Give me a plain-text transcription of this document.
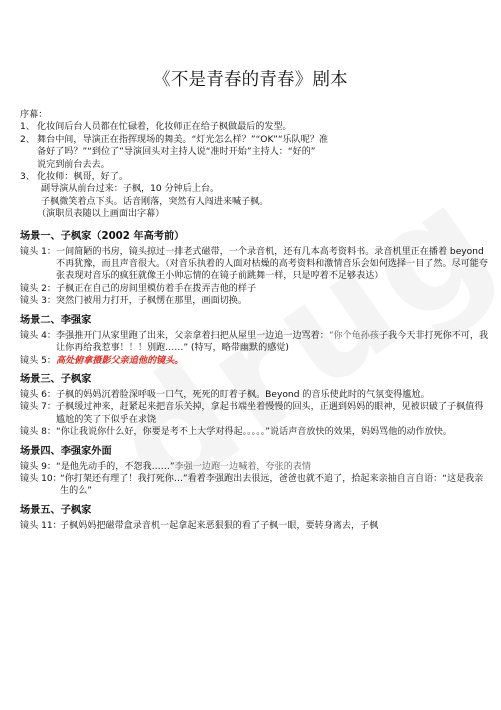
《不是青春的青春》剧本
序幕：
1、 化妆间后台人员都在忙碌着，化妆师正在给子枫做最后的发型。
2、 舞台中间，导演正在指挥现场的舞美。“灯光怎么样？”“OK”“乐队呢？准
备好了吗？”“到位了”导演回头对主持人说“准时开始”主持人：“好的”
说完到前台去去。
3、 化妆师：枫哥，好了。
副导演从前台过来：子枫，10 分钟后上台。
子枫微笑着点下头。话音刚落，突然有人闯进来喊子枫。
（演职员表随以上画面出字幕）
场景一、子枫家（2002 年高考前）
镜头 1： 一间简陋的书房，镜头掠过一排老式磁带，一个录音机，还有几本高考资料书。录音机里正在播着 beyond 不再犹豫，而且声音很大。（对音乐执着的人面对枯燥的高考资料和激情音乐会如何选择一目了然。尽可能夸张表现对音乐的疯狂就像王小帅忘情的在镜子前跳舞一样，只是哼着不足够表达）
镜头 2： 子枫正在自己的房间里模仿着手在拨弄吉他的样子
镜头 3： 突然门被用力打开，子枫愣在那里，画面切换。
场景二、李强家
镜头 4： 李强推开门从家里跑了出来，父亲拿着扫把从屋里一边追一边骂着：“你个龟孙孩子我今天非打死你不可，我让你再给我惹事！！！别跑……” (特写，略带幽默的感觉)
镜头 5： 高处俯拿摄影父亲追他的镜头。
场景三、子枫家
镜头 6： 子枫的妈妈沉着脸深呼吸一口气，死死的盯着子枫。Beyond 的音乐使此时的气氛变得尴尬。
镜头 7： 子枫缓过神来，赶紧起来把音乐关掉，拿起书端坐着慢慢的回头，正遇到妈妈的眼神，见被识破了子枫值得尴尬的笑了下似乎在求饶
镜头 8： “你让我说你什么好，你要是考不上大学对得起。。。。。”说话声音放快的效果，妈妈骂他的动作放快。
场景四、李强家外面
镜头 9： “是他先动手的，不怨我……”李强一边跑一边喊着，夸张的表情
镜头 10：
“你打架还有理了！我打死你…”看着李强跑出去很远，爸爸也就不追了，拾起来亲抽自言自语：“这是我亲生的么”
场景五、子枫家
镜头 11：
子枫妈妈把磁带盒录音机一起拿起来恶狠狠的看了子枫一眼，要转身离去，子枫
